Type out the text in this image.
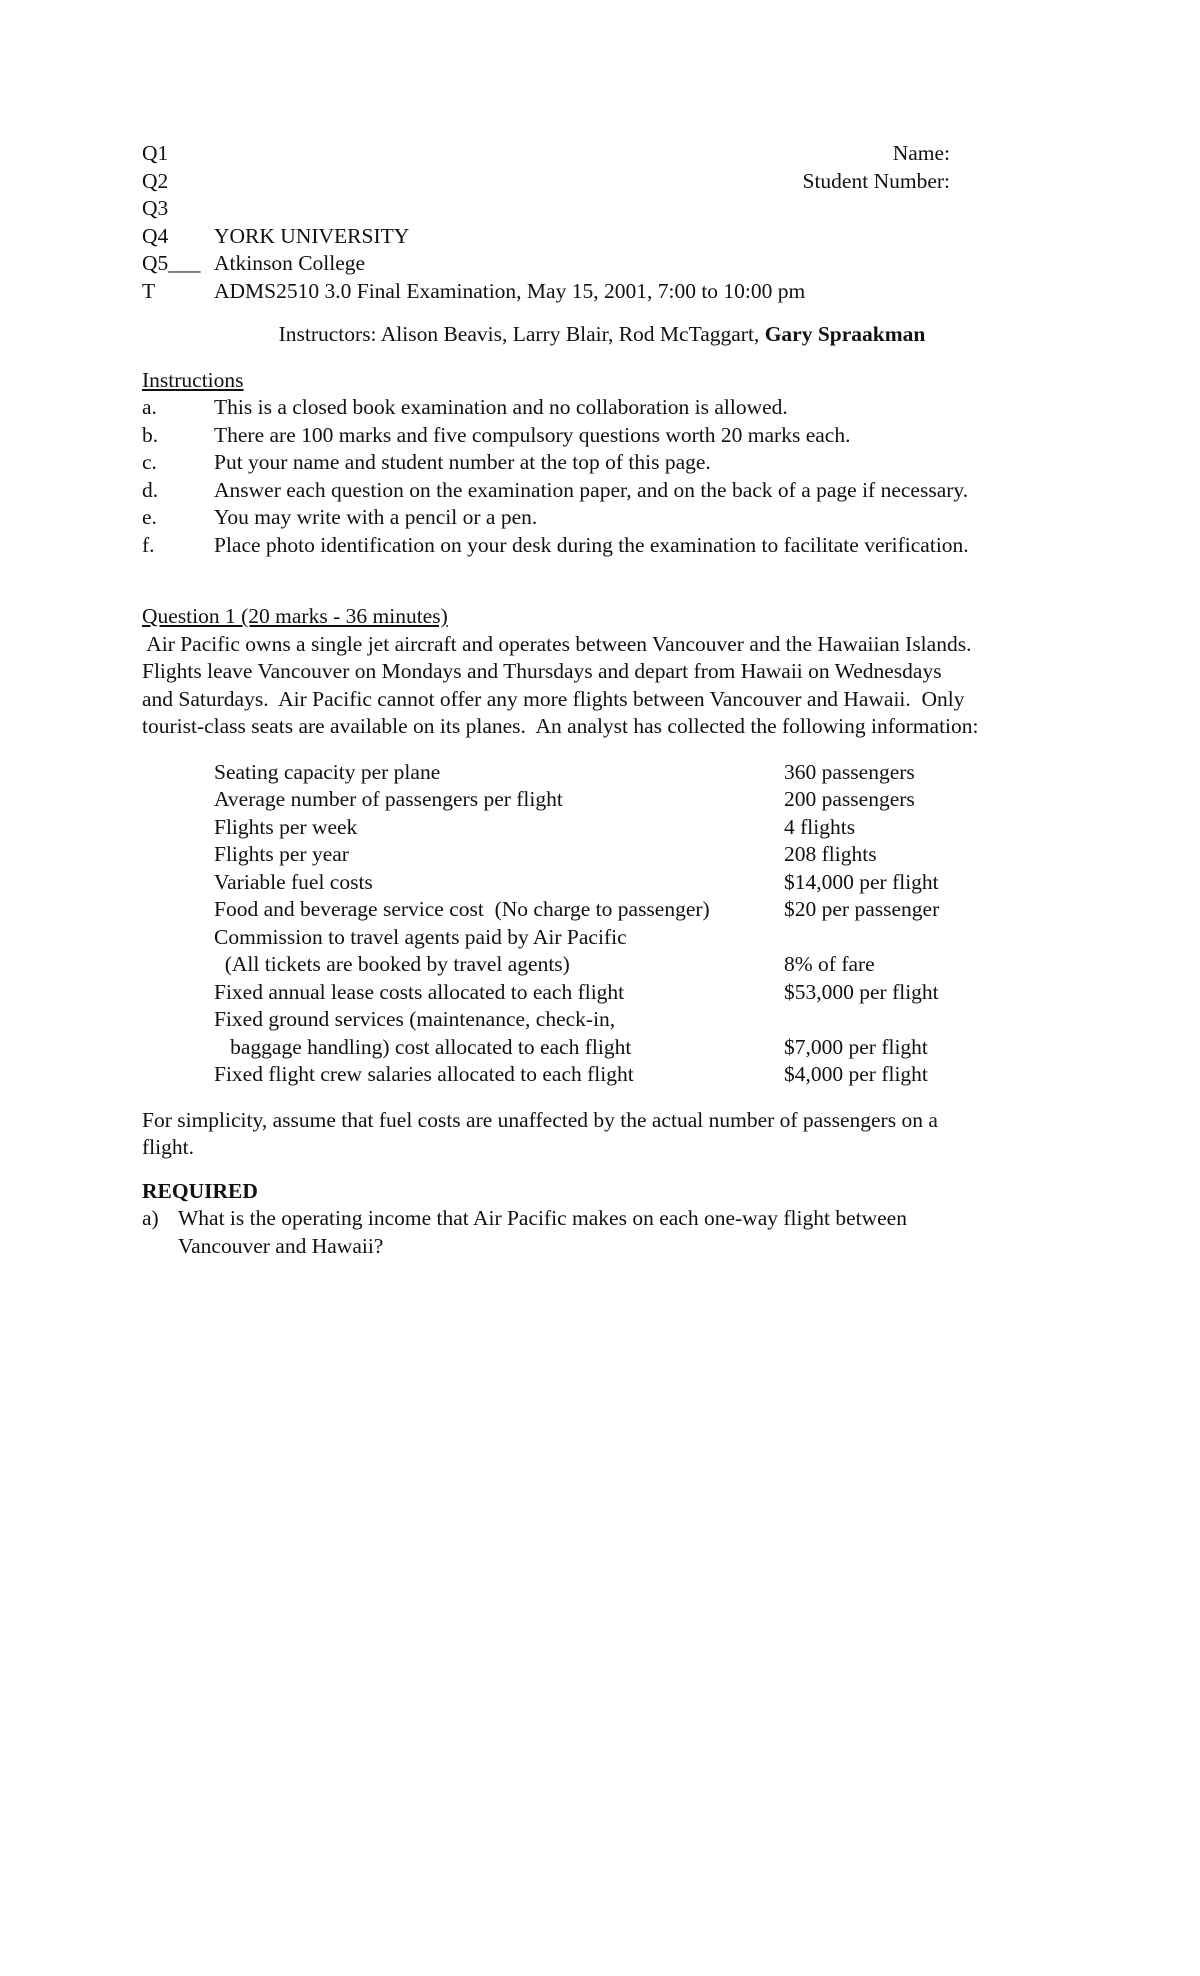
Q1
Q2
Q3
Q4	YORK UNIVERSITY
Q5___ Atkinson College
T	ADMS2510 3.0 Final Examination, May 15, 2001, 7:00 to 10:00 pm
Name:
Student Number:
Instructors: Alison Beavis, Larry Blair, Rod McTaggart, Gary Spraakman
Instructions
a.	This is a closed book examination and no collaboration is allowed.
b.	There are 100 marks and five compulsory questions worth 20 marks each.
c.	Put your name and student number at the top of this page.
d.	Answer each question on the examination paper, and on the back of a page if necessary.
e.	You may write with a pencil or a pen.
f.	Place photo identification on your desk during the examination to facilitate verification.
Question 1 (20 marks - 36 minutes)
Air Pacific owns a single jet aircraft and operates between Vancouver and the Hawaiian Islands.
Flights leave Vancouver on Mondays and Thursdays and depart from Hawaii on Wednesdays
and Saturdays.  Air Pacific cannot offer any more flights between Vancouver and Hawaii.  Only
tourist-class seats are available on its planes.  An analyst has collected the following information:
Seating capacity per plane	360 passengers
Average number of passengers per flight	200 passengers
Flights per week	4 flights
Flights per year	208 flights
Variable fuel costs	$14,000 per flight
Food and beverage service cost  (No charge to passenger)	$20 per passenger
Commission to travel agents paid by Air Pacific
(All tickets are booked by travel agents)	8% of fare
Fixed annual lease costs allocated to each flight	$53,000 per flight
Fixed ground services (maintenance, check-in,
baggage handling) cost allocated to each flight	$7,000 per flight
Fixed flight crew salaries allocated to each flight	$4,000 per flight
For simplicity, assume that fuel costs are unaffected by the actual number of passengers on a
flight.
REQUIRED
a) What is the operating income that Air Pacific makes on each one-way flight between
Vancouver and Hawaii?
